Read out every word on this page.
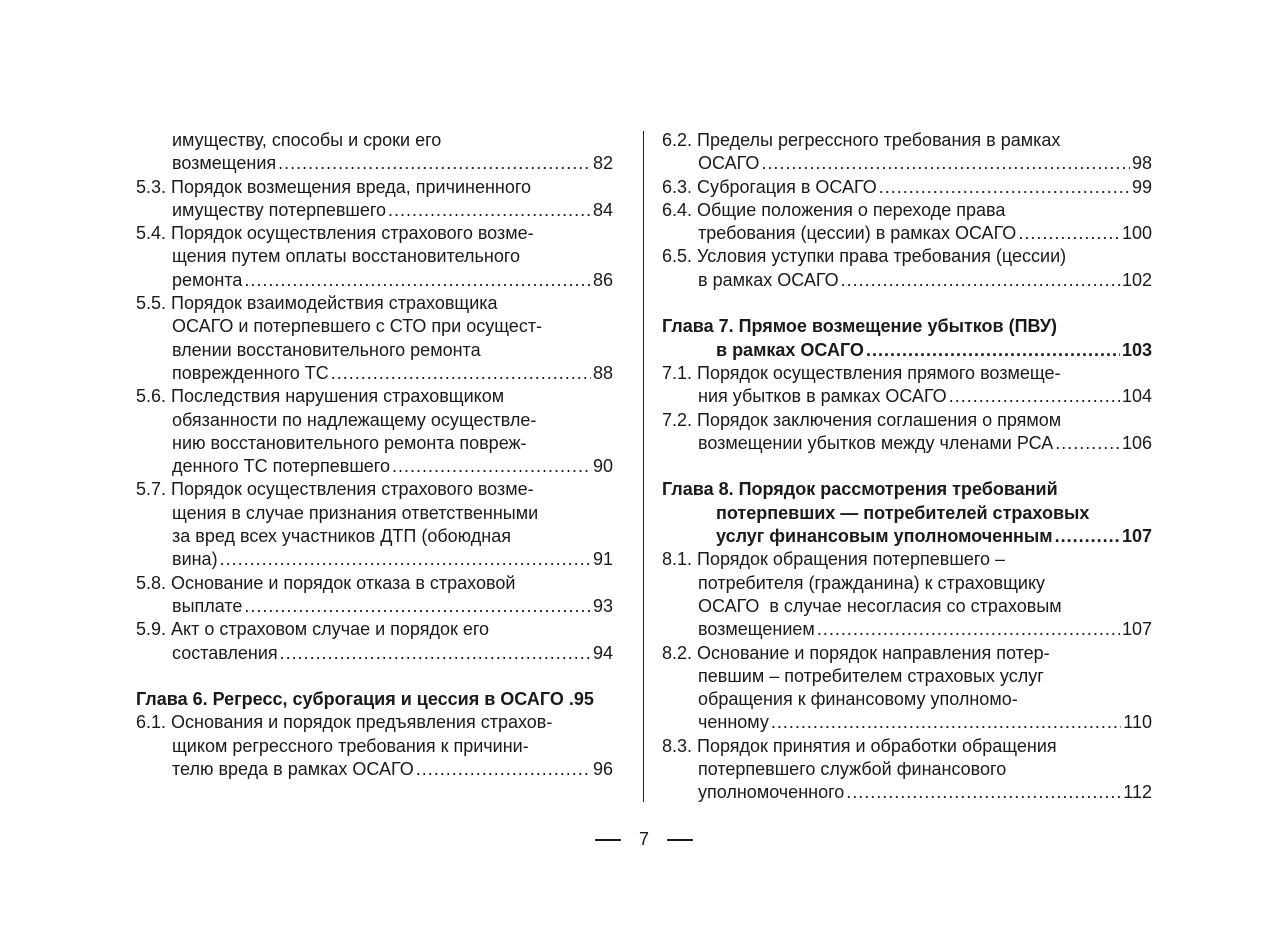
имуществу, способы и сроки его
возмещения .....	82
5.3. Порядок возмещения вреда, причиненного
имуществу потерпевшего .....	84
5.4. Порядок осуществления страхового возме-
щения путем оплаты восстановительного
ремонта .....	86
5.5. Порядок взаимодействия страховщика
ОСАГО и потерпевшего с СТО при осущест-
влении восстановительного ремонта
поврежденного ТС .....	88
5.6. Последствия нарушения страховщиком
обязанности по надлежащему осуществле-
нию восстановительного ремонта повреж-
денного ТС потерпевшего .....	90
5.7. Порядок осуществления страхового возме-
щения в случае признания ответственными
за вред всех участников ДТП (обоюдная
вина) .....	91
5.8. Основание и порядок отказа в страховой
выплате .....	93
5.9. Акт о страховом случае и порядок его
составления .....	94
Глава 6. Регресс, суброгация и цессия в ОСАГО .95
6.1. Основания и порядок предъявления страхов-
щиком регрессного требования к причини-
телю вреда в рамках ОСАГО .....	96
6.2. Пределы регрессного требования в рамках
ОСАГО .....	98
6.3. Суброгация в ОСАГО .....	99
6.4. Общие положения о переходе права
требования (цессии) в рамках ОСАГО .....	100
6.5. Условия уступки права требования (цессии)
в рамках ОСАГО .....	102
Глава 7. Прямое возмещение убытков (ПВУ)
в рамках ОСАГО .....	103
7.1. Порядок осуществления прямого возмеще-
ния убытков в рамках ОСАГО .....	104
7.2. Порядок заключения соглашения о прямом
возмещении убытков между членами РСА .....	106
Глава 8. Порядок рассмотрения требований
потерпевших — потребителей страховых
услуг финансовым уполномоченным .....	107
8.1. Порядок обращения потерпевшего –
потребителя (гражданина) к страховщику
ОСАГО  в случае несогласия со страховым
возмещением .....	107
8.2. Основание и порядок направления потер-
певшим – потребителем страховых услуг
обращения к финансовому уполномо-
ченному .....	110
8.3. Порядок принятия и обработки обращения
потерпевшего службой финансового
уполномоченного .....	112
7
